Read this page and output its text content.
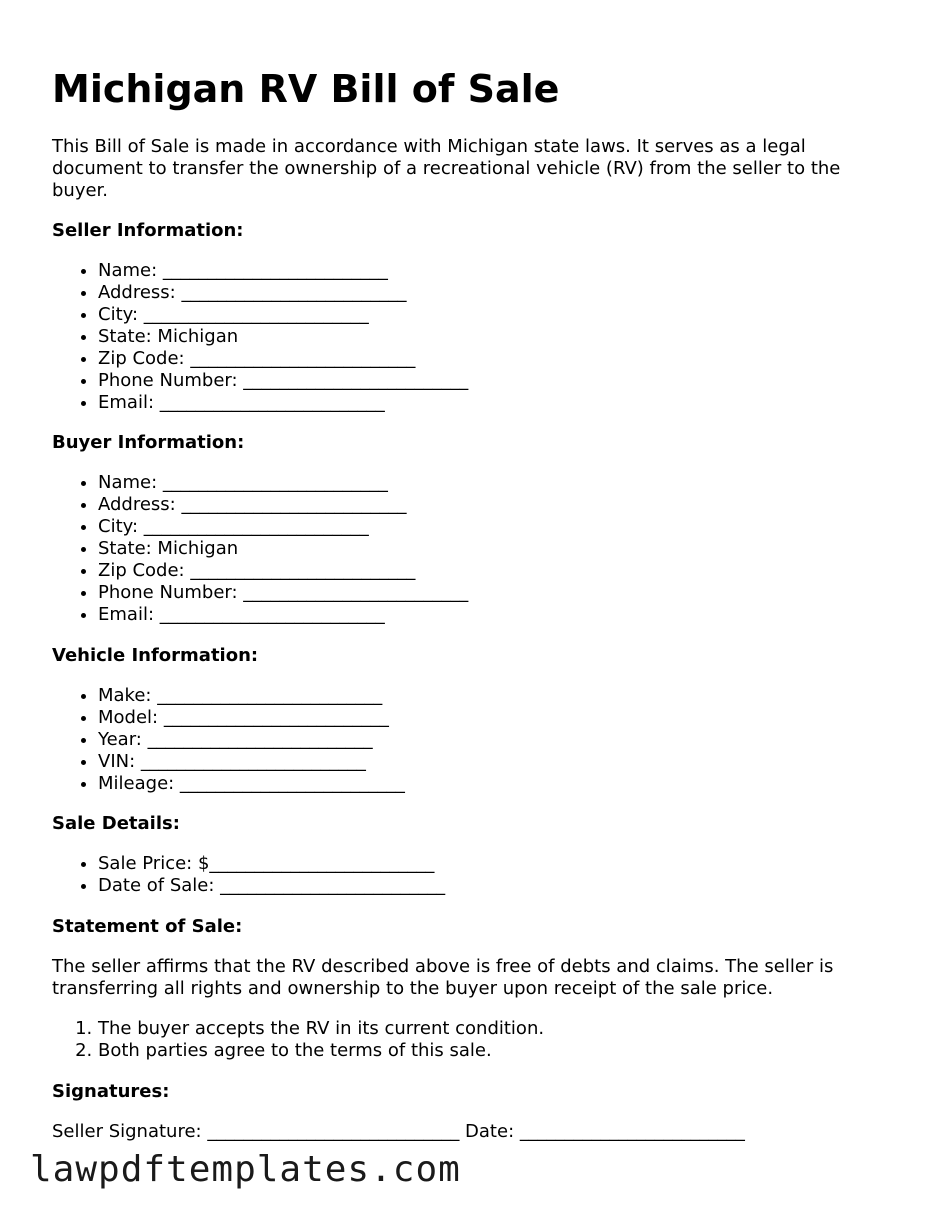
Michigan RV Bill of Sale

This Bill of Sale is made in accordance with Michigan state laws. It serves as a legal document to transfer the ownership of a recreational vehicle (RV) from the seller to the buyer.

Seller Information:
• Name: _________________________
• Address: _________________________
• City: _________________________
• State: Michigan
• Zip Code: _________________________
• Phone Number: _________________________
• Email: _________________________
Buyer Information:
• Name: _________________________
• Address: _________________________
• City: _________________________
• State: Michigan
• Zip Code: _________________________
• Phone Number: _________________________
• Email: _________________________
Vehicle Information:
• Make: _________________________
• Model: _________________________
• Year: _________________________
• VIN: _________________________
• Mileage: _________________________
Sale Details:
• Sale Price: $_________________________
• Date of Sale: _________________________
Statement of Sale:

The seller affirms that the RV described above is free of debts and claims. The seller is transferring all rights and ownership to the buyer upon receipt of the sale price.

1. The buyer accepts the RV in its current condition.
2. Both parties agree to the terms of this sale.
Signatures:

Seller Signature: ____________________________ Date: _________________________

lawpdftemplates.com
